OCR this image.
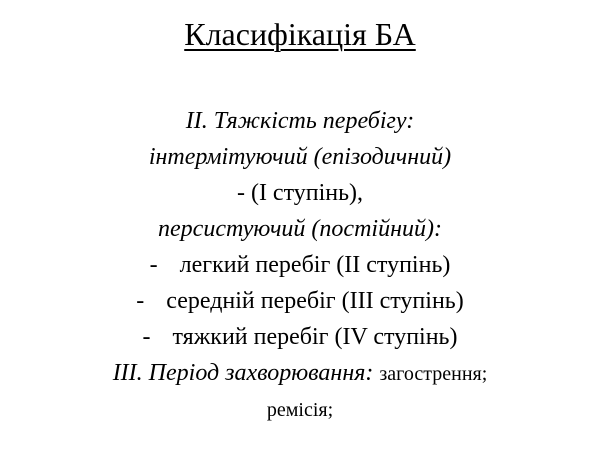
Класифікація БА
ІІ. Тяжкість перебігу:
інтермітуючий (епізодичний)
- (І ступінь),
персистуючий (постійний):
- легкий перебіг (ІІ ступінь)
- середній перебіг (ІІІ ступінь)
- тяжкий перебіг (IV ступінь)
ІІІ. Період захворювання: загострення;
ремісія;
